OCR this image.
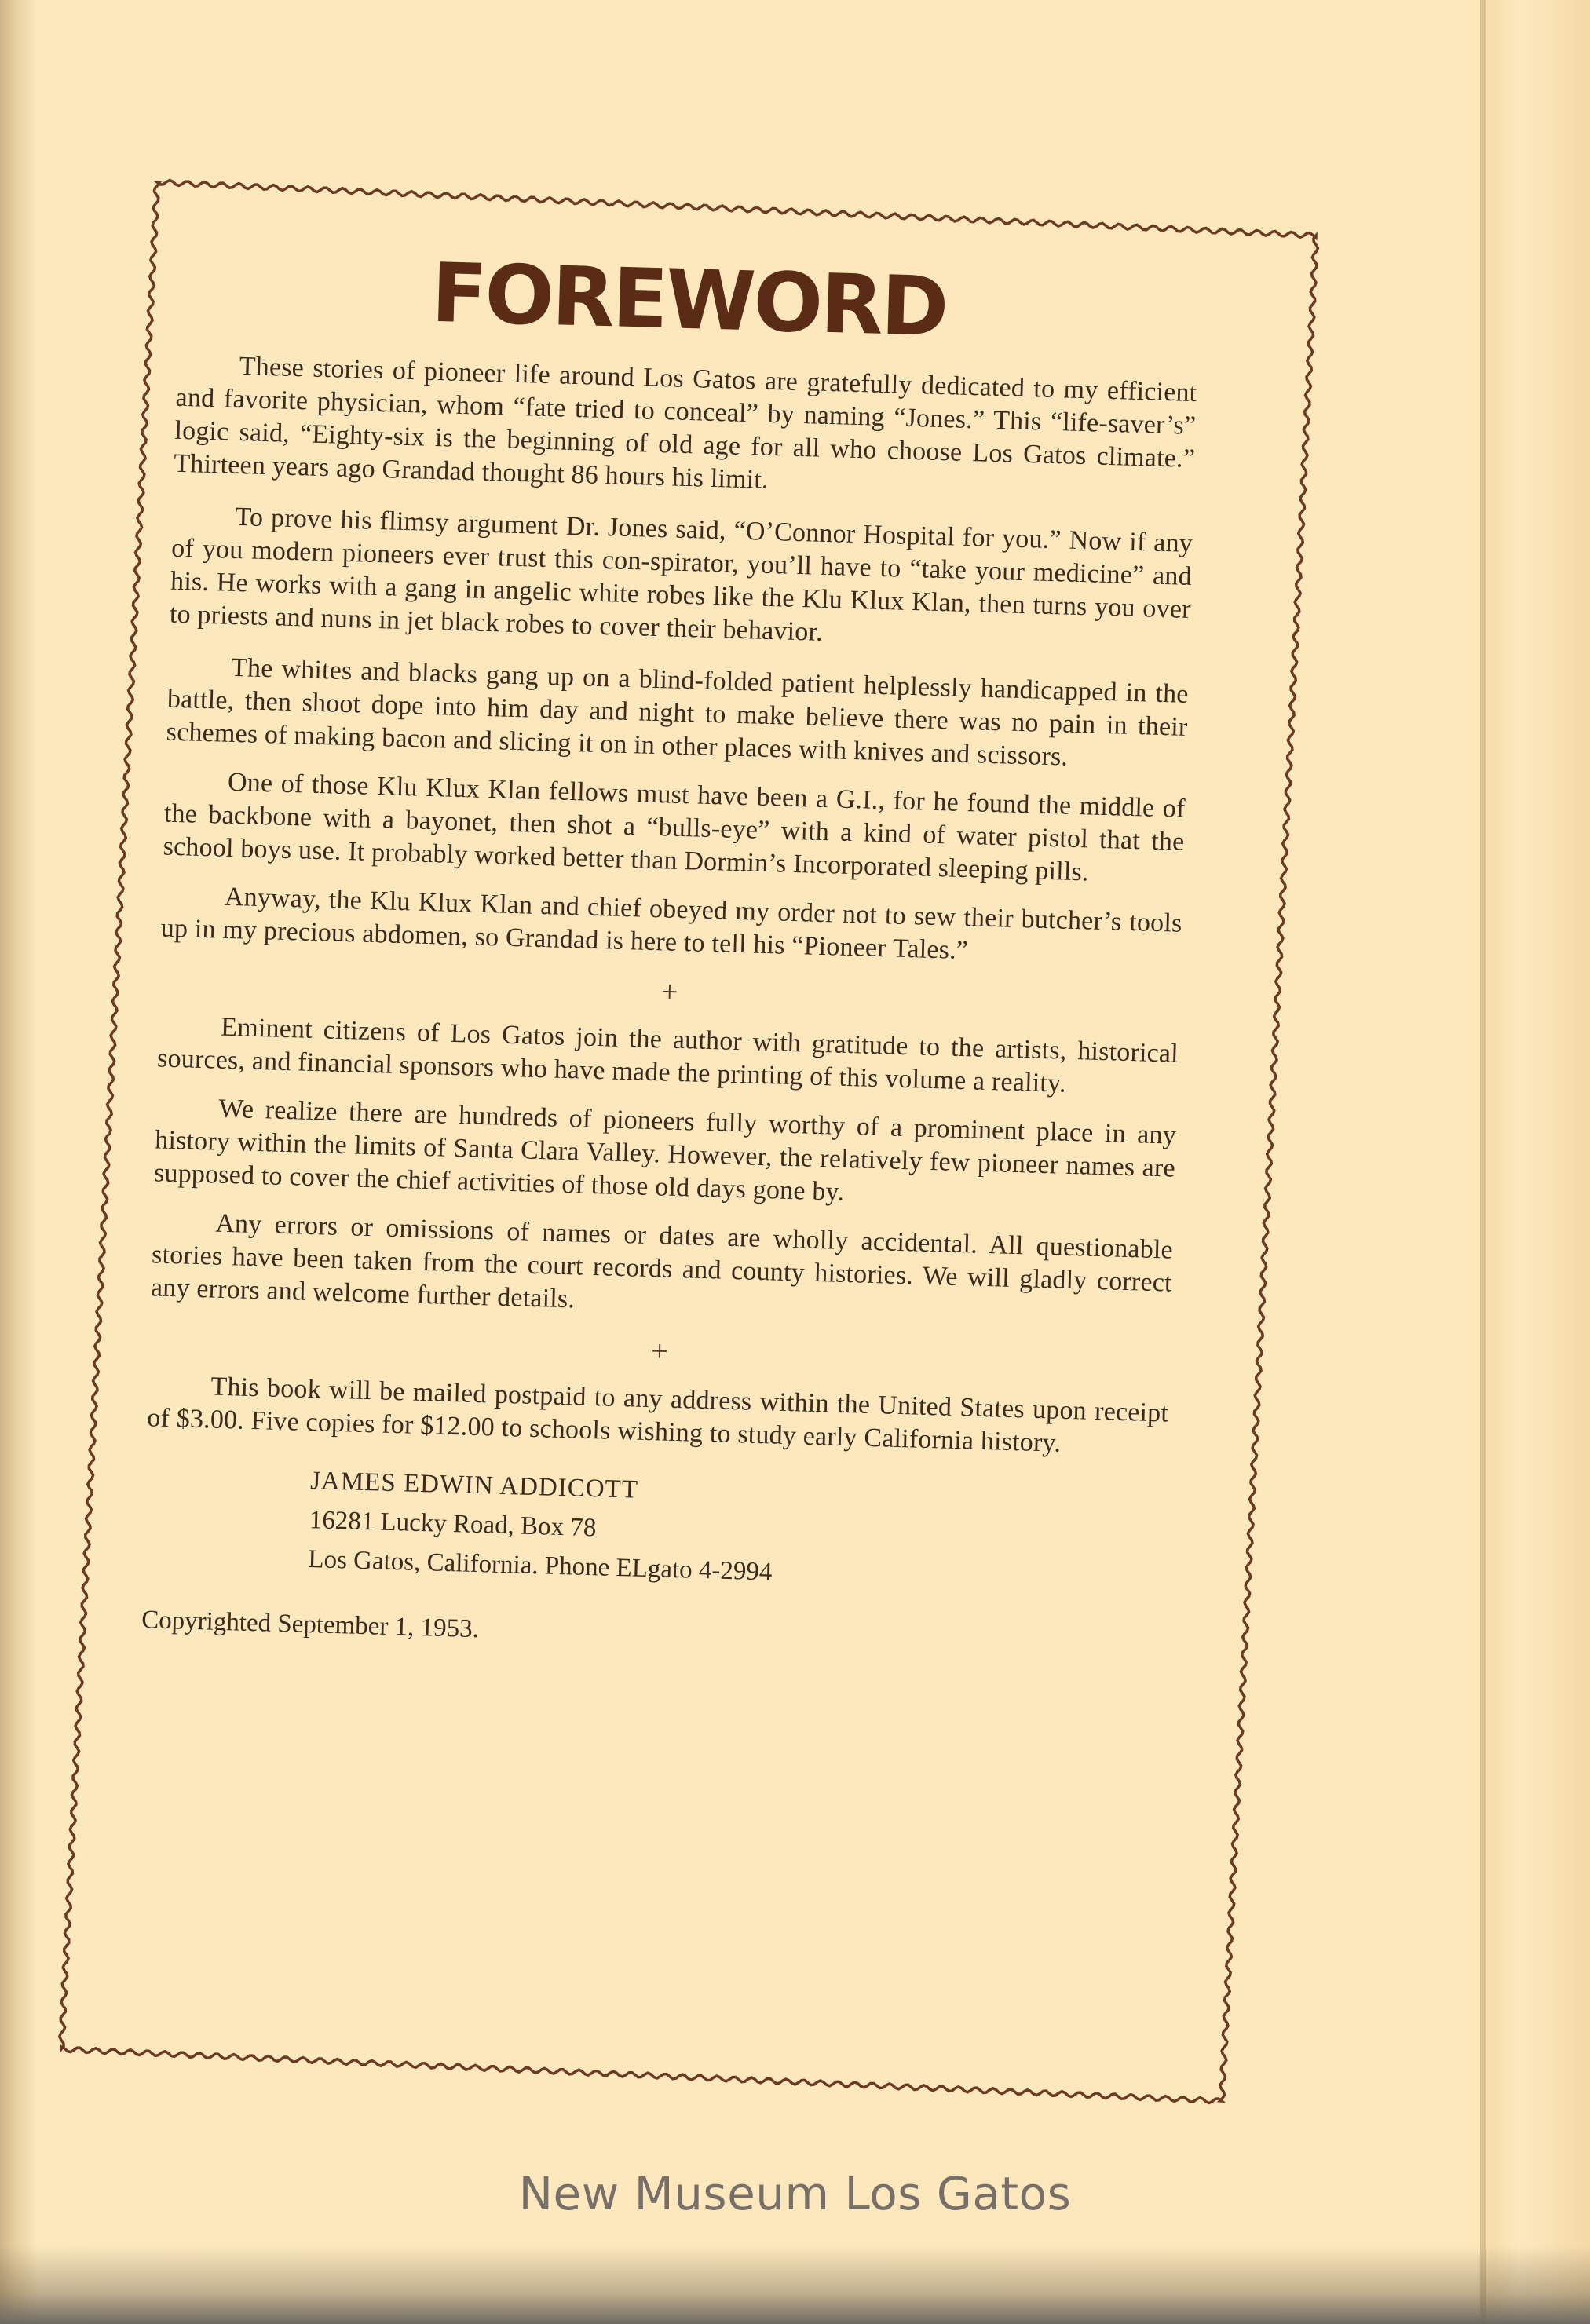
FOREWORD

These stories of pioneer life around Los Gatos are gratefully dedicated to my efficient and favorite physician, whom “fate tried to conceal” by naming “Jones.” This “life-saver’s” logic said, “Eighty-six is the beginning of old age for all who choose Los Gatos climate.” Thirteen years ago Grandad thought 86 hours his limit.

To prove his flimsy argument Dr. Jones said, “O’Connor Hospital for you.” Now if any of you modern pioneers ever trust this con-spirator, you’ll have to “take your medicine” and his. He works with a gang in angelic white robes like the Klu Klux Klan, then turns you over to priests and nuns in jet black robes to cover their behavior.

The whites and blacks gang up on a blind-folded patient helplessly handicapped in the battle, then shoot dope into him day and night to make believe there was no pain in their schemes of making bacon and slicing it on in other places with knives and scissors.

One of those Klu Klux Klan fellows must have been a G.I., for he found the middle of the backbone with a bayonet, then shot a “bulls-eye” with a kind of water pistol that the school boys use. It probably worked better than Dormin’s Incorporated sleeping pills.

Anyway, the Klu Klux Klan and chief obeyed my order not to sew their butcher’s tools up in my precious abdomen, so Grandad is here to tell his “Pioneer Tales.”

+

Eminent citizens of Los Gatos join the author with gratitude to the artists, historical sources, and financial sponsors who have made the printing of this volume a reality.

We realize there are hundreds of pioneers fully worthy of a prominent place in any history within the limits of Santa Clara Valley. However, the relatively few pioneer names are supposed to cover the chief activities of those old days gone by.

Any errors or omissions of names or dates are wholly accidental. All questionable stories have been taken from the court records and county histories. We will gladly correct any errors and welcome further details.

+

This book will be mailed postpaid to any address within the United States upon receipt of $3.00. Five copies for $12.00 to schools wishing to study early California history.

JAMES EDWIN ADDICOTT
16281 Lucky Road, Box 78
Los Gatos, California. Phone ELgato 4-2994
Copyrighted September 1, 1953.
New Museum Los Gatos
